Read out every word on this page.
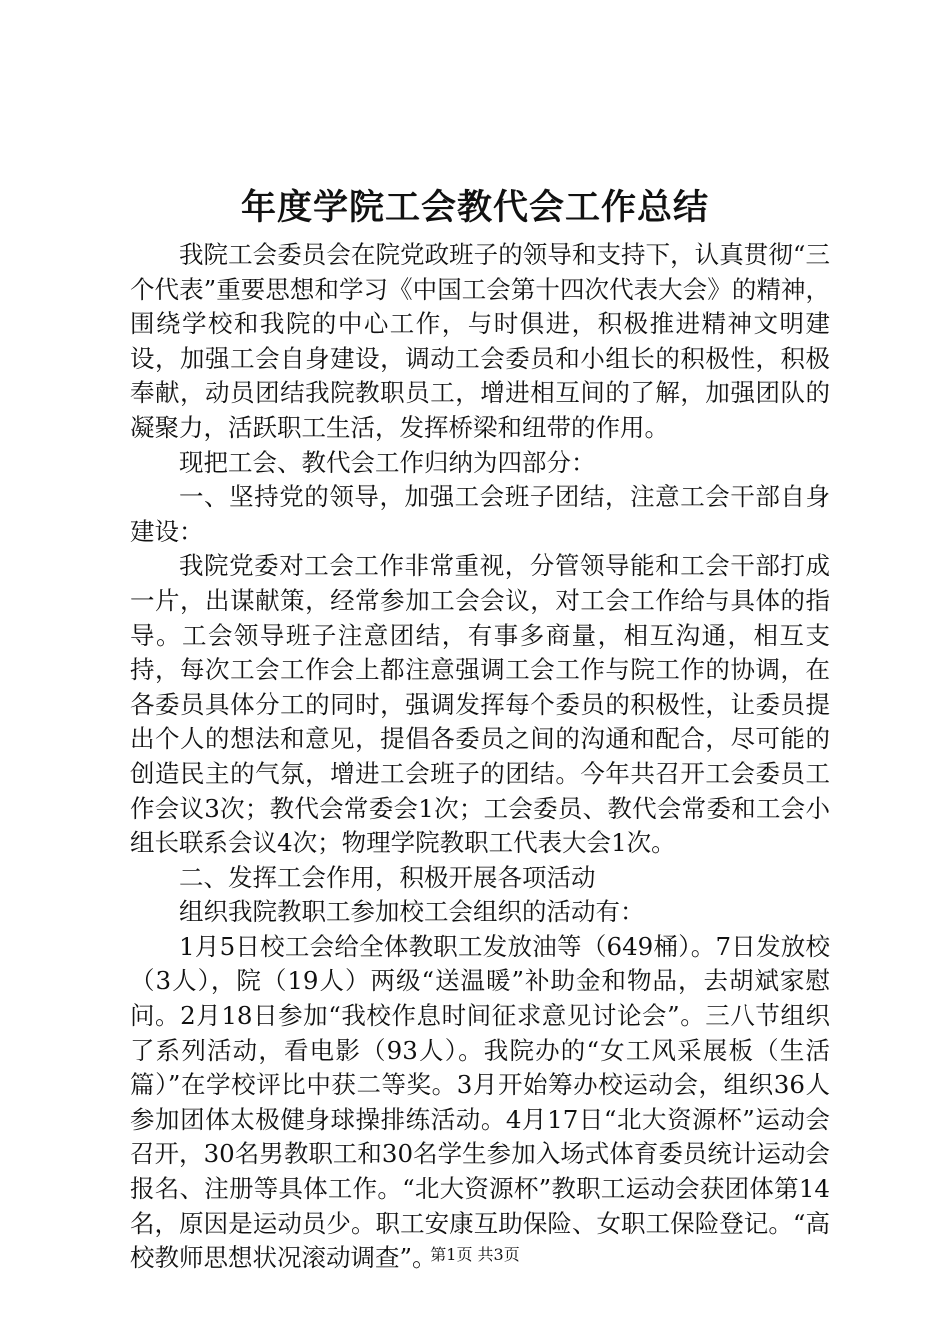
年度学院工会教代会工作总结

我院工会委员会在院党政班子的领导和支持下，认真贯彻“三个代表”重要思想和学习《中国工会第十四次代表大会》的精神，围绕学校和我院的中心工作，与时俱进，积极推进精神文明建设，加强工会自身建设，调动工会委员和小组长的积极性，积极奉献，动员团结我院教职员工，增进相互间的了解，加强团队的凝聚力，活跃职工生活，发挥桥梁和纽带的作用。

现把工会、教代会工作归纳为四部分：

一、坚持党的领导，加强工会班子团结，注意工会干部自身建设：

我院党委对工会工作非常重视，分管领导能和工会干部打成一片，出谋献策，经常参加工会会议，对工会工作给与具体的指导。工会领导班子注意团结，有事多商量，相互沟通，相互支持，每次工会工作会上都注意强调工会工作与院工作的协调，在各委员具体分工的同时，强调发挥每个委员的积极性，让委员提出个人的想法和意见，提倡各委员之间的沟通和配合，尽可能的创造民主的气氛，增进工会班子的团结。今年共召开工会委员工作会议3次；教代会常委会1次；工会委员、教代会常委和工会小组长联系会议4次；物理学院教职工代表大会1次。

二、发挥工会作用，积极开展各项活动

组织我院教职工参加校工会组织的活动有：

1月5日校工会给全体教职工发放油等（649桶）。7日发放校（3人），院（19人）两级“送温暖”补助金和物品，去胡斌家慰问。2月18日参加“我校作息时间征求意见讨论会”。三八节组织了系列活动，看电影（93人）。我院办的“女工风采展板（生活篇）”在学校评比中获二等奖。3月开始筹办校运动会，组织36人参加团体太极健身球操排练活动。4月17日“北大资源杯”运动会召开，30名男教职工和30名学生参加入场式体育委员统计运动会报名、注册等具体工作。“北大资源杯”教职工运动会获团体第14名，原因是运动员少。职工安康互助保险、女职工保险登记。“高校教师思想状况滚动调查”。

第1页 共3页
